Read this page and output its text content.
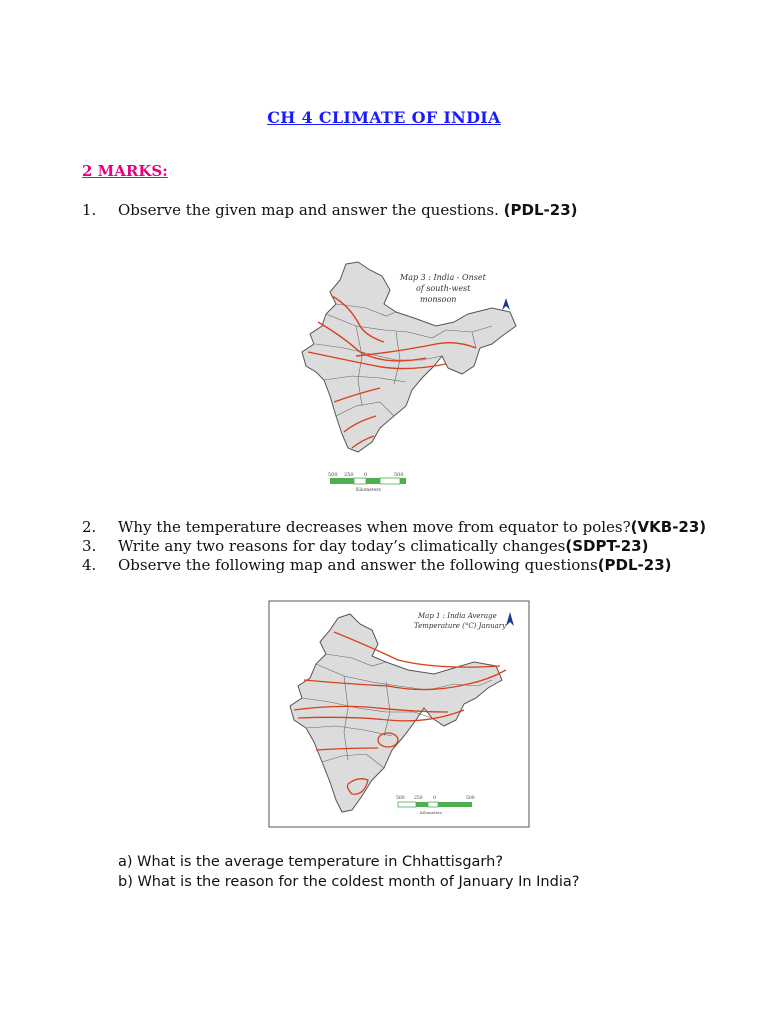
CH 4 CLIMATE OF INDIA
2 MARKS:
1. Observe the given map and answer the questions. (PDL-23)
Map 3 : India - Onset
of south-west
monsoon
500 250 0	500
Kilometers
2. Why the temperature decreases when move from equator to poles?(VKB-23)
3. Write any two reasons for day today’s climatically changes(SDPT-23)
4. Observe the following map and answer the following questions(PDL-23)
Map 1 : India Average
Temperature (°C) January
500 250 0	500
Kilometers
a) What is the average temperature in Chhattisgarh?
b) What is the reason for the coldest month of January In India?
